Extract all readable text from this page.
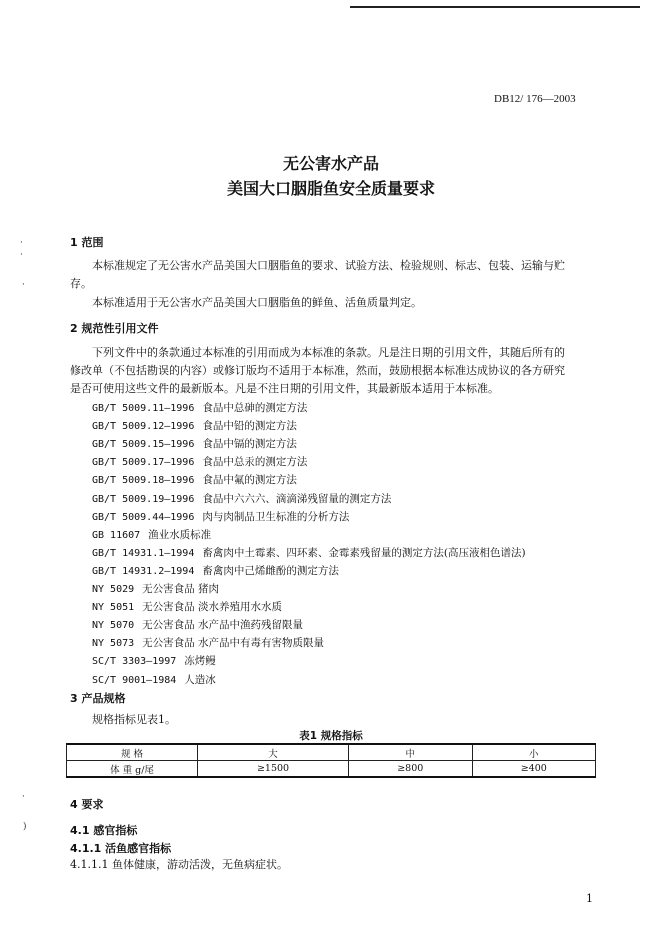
DB12/ 176—2003
无公害水产品
美国大口胭脂鱼安全质量要求
·
·
·
·
)
1 范围
本标准规定了无公害水产品美国大口胭脂鱼的要求、试验方法、检验规则、标志、包装、运输与贮
存。
本标准适用于无公害水产品美国大口胭脂鱼的鲜鱼、活鱼质量判定。
2 规范性引用文件
下列文件中的条款通过本标准的引用而成为本标准的条款。凡是注日期的引用文件，其随后所有的
修改单（不包括勘误的内容）或修订版均不适用于本标准，然而，鼓励根据本标准达成协议的各方研究
是否可使用这些文件的最新版本。凡是不注日期的引用文件，其最新版本适用于本标准。
GB/T 5009.11—1996 食品中总砷的测定方法
GB/T 5009.12—1996 食品中铅的测定方法
GB/T 5009.15—1996 食品中镉的测定方法
GB/T 5009.17—1996 食品中总汞的测定方法
GB/T 5009.18—1996 食品中氟的测定方法
GB/T 5009.19—1996 食品中六六六、滴滴涕残留量的测定方法
GB/T 5009.44—1996 肉与肉制品卫生标准的分析方法
GB 11607 渔业水质标准
GB/T 14931.1—1994 畜禽肉中土霉素、四环素、金霉素残留量的测定方法(高压液相色谱法)
GB/T 14931.2—1994 畜禽肉中己烯雌酚的测定方法
NY 5029 无公害食品 猪肉
NY 5051 无公害食品 淡水养殖用水水质
NY 5070 无公害食品 水产品中渔药残留限量
NY 5073 无公害食品 水产品中有毒有害物质限量
SC/T 3303—1997 冻烤鳗
SC/T 9001—1984 人造冰
3 产品规格
规格指标见表1。
表1 规格指标
规 格	大	中	小
体 重 g/尾	≥1500	≥800	≥400
4 要求
4.1 感官指标
4.1.1 活鱼感官指标
4.1.1.1 鱼体健康，游动活泼，无鱼病症状。
1
